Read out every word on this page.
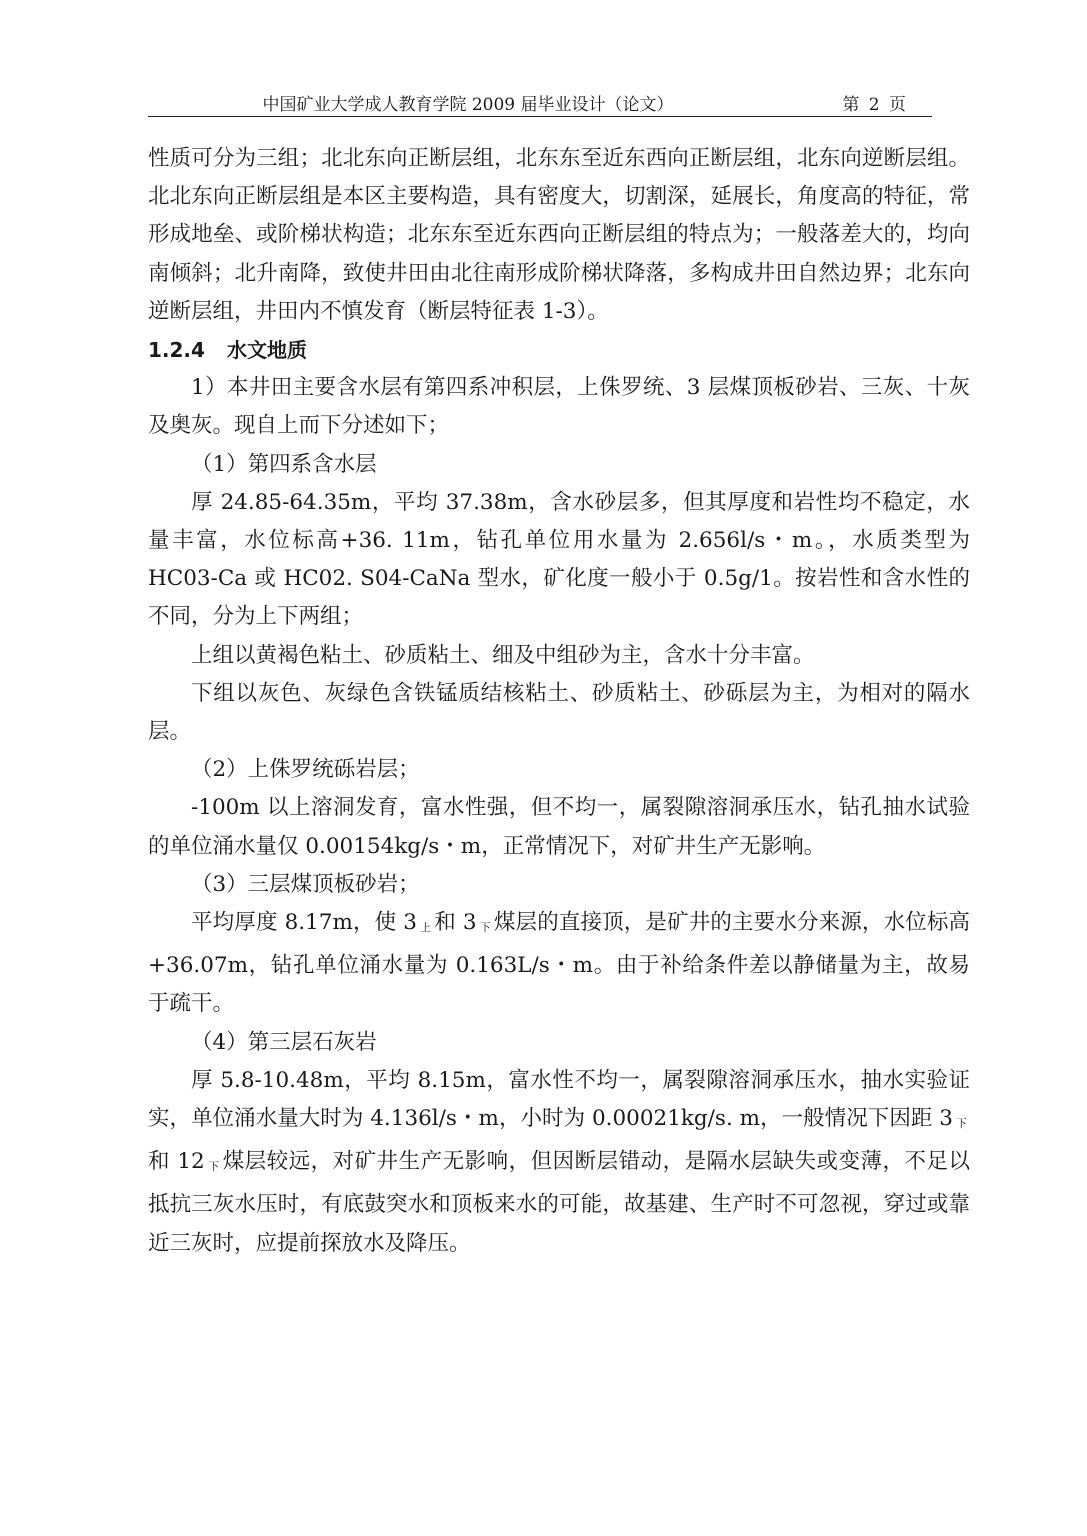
中国矿业大学成人教育学院 2009 届毕业设计（论文）	第 2 页

性质可分为三组；北北东向正断层组，北东东至近东西向正断层组，北东向逆断层组。北北东向正断层组是本区主要构造，具有密度大，切割深，延展长，角度高的特征，常形成地垒、或阶梯状构造；北东东至近东西向正断层组的特点为；一般落差大的，均向南倾斜；北升南降，致使井田由北往南形成阶梯状降落，多构成井田自然边界；北东向逆断层组，井田内不慎发育（断层特征表 1-3）。

1.2.4 水文地质

1）本井田主要含水层有第四系冲积层，上侏罗统、3 层煤顶板砂岩、三灰、十灰及奥灰。现自上而下分述如下；

（1）第四系含水层

厚 24.85-64.35m，平均 37.38m，含水砂层多，但其厚度和岩性均不稳定，水量丰富，水位标高+36. 11m，钻孔单位用水量为 2.656l/s・m。，水质类型为 HC03-Ca 或 HC02. S04-CaNa 型水，矿化度一般小于 0.5g/1。按岩性和含水性的不同，分为上下两组；

上组以黄褐色粘土、砂质粘土、细及中组砂为主，含水十分丰富。

下组以灰色、灰绿色含铁锰质结核粘土、砂质粘土、砂砾层为主，为相对的隔水层。

（2）上侏罗统砾岩层；

-100m 以上溶洞发育，富水性强，但不均一，属裂隙溶洞承压水，钻孔抽水试验的单位涌水量仅 0.00154kg/s・m，正常情况下，对矿井生产无影响。

（3）三层煤顶板砂岩；

平均厚度 8.17m，使 3 $_上$ 和 3 $_下$ 煤层的直接顶，是矿井的主要水分来源，水位标高+36.07m，钻孔单位涌水量为 0.163L/s・m。由于补给条件差以静储量为主，故易于疏干。

（4）第三层石灰岩

厚 5.8-10.48m，平均 8.15m，富水性不均一，属裂隙溶洞承压水，抽水实验证实，单位涌水量大时为 4.136l/s・m，小时为 0.00021kg/s. m，一般情况下因距 3 $_下$和 12 $_下$ 煤层较远，对矿井生产无影响，但因断层错动，是隔水层缺失或变薄，不足以抵抗三灰水压时，有底鼓突水和顶板来水的可能，故基建、生产时不可忽视，穿过或靠近三灰时，应提前探放水及降压。
